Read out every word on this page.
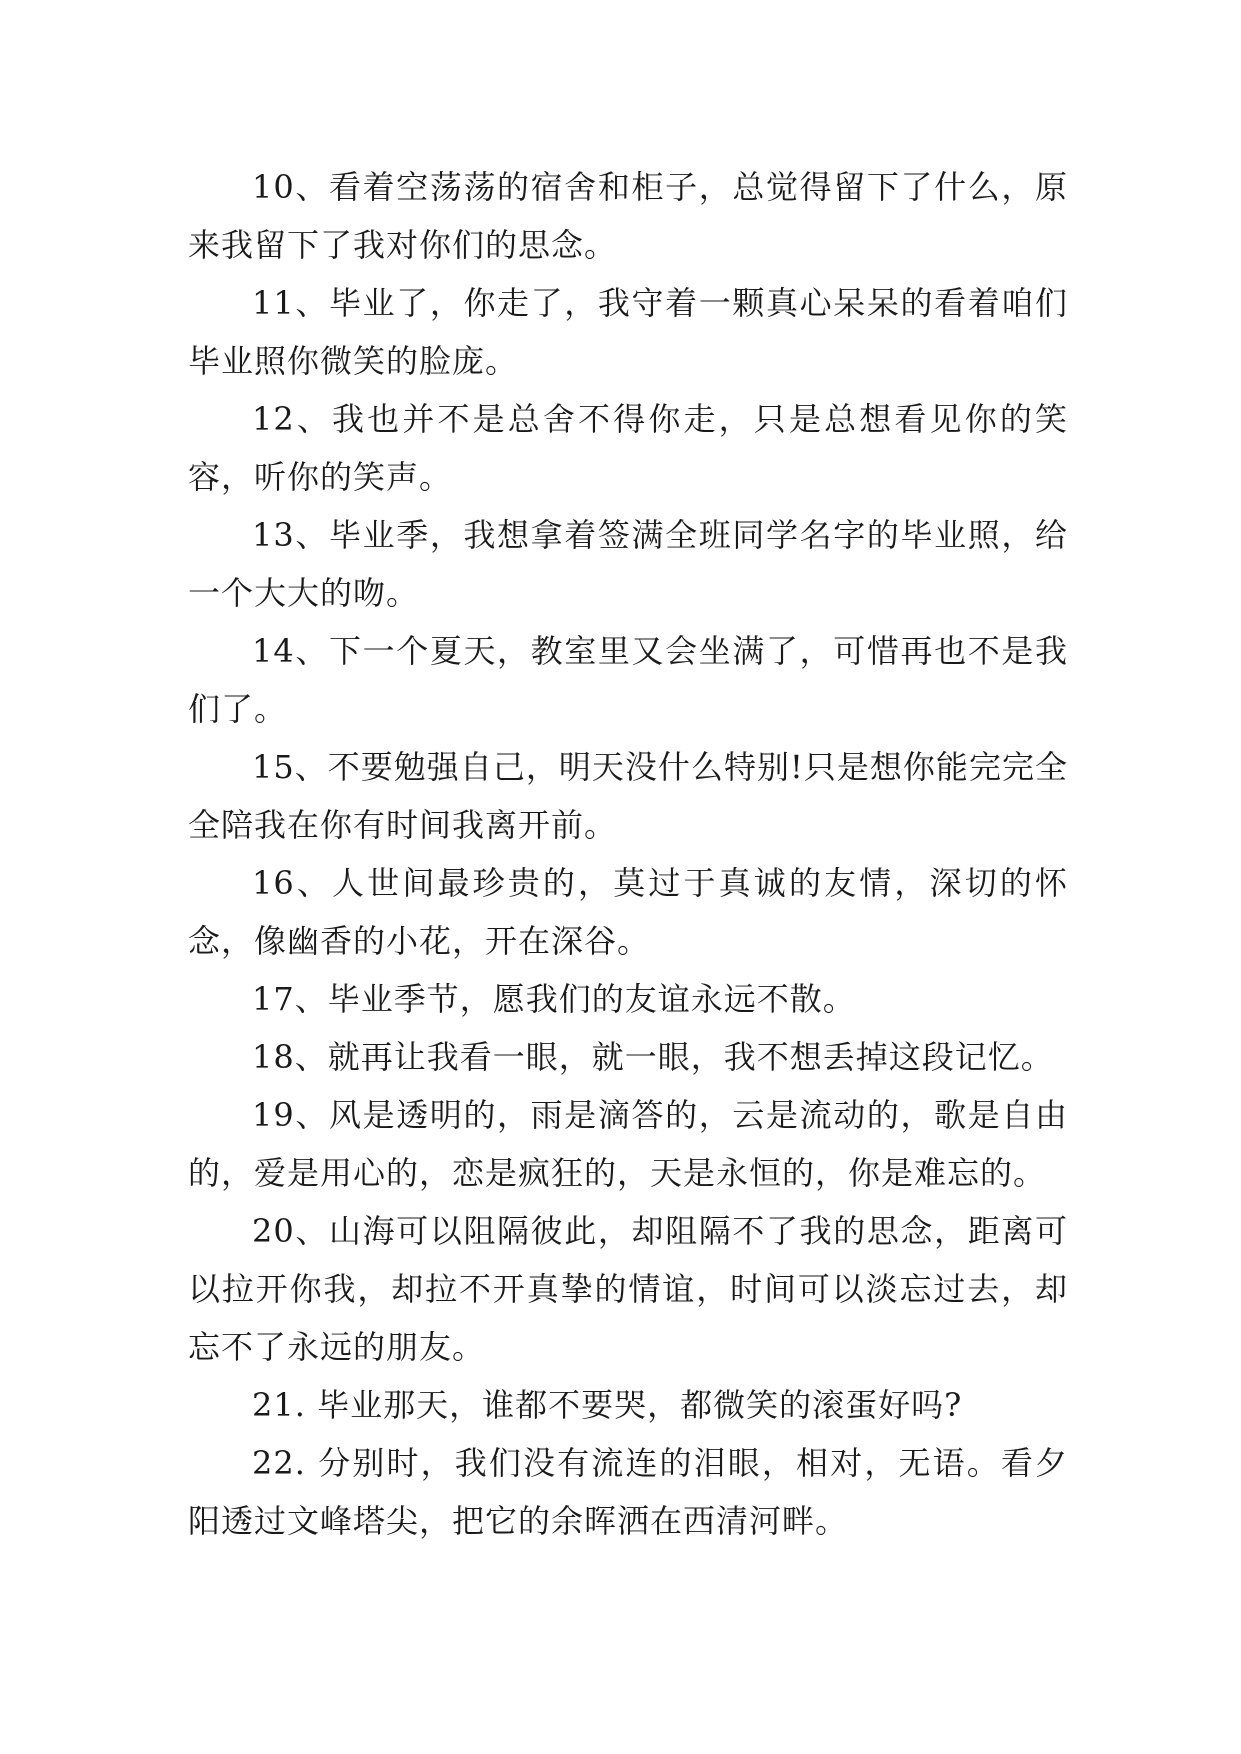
10、看着空荡荡的宿舍和柜子，总觉得留下了什么，原来我留下了我对你们的思念。

11、毕业了，你走了，我守着一颗真心呆呆的看着咱们毕业照你微笑的脸庞。

12、我也并不是总舍不得你走，只是总想看见你的笑容，听你的笑声。

13、毕业季，我想拿着签满全班同学名字的毕业照，给一个大大的吻。

14、下一个夏天，教室里又会坐满了，可惜再也不是我们了。

15、不要勉强自己，明天没什么特别!只是想你能完完全全陪我在你有时间我离开前。

16、人世间最珍贵的，莫过于真诚的友情，深切的怀念，像幽香的小花，开在深谷。

17、毕业季节，愿我们的友谊永远不散。

18、就再让我看一眼，就一眼，我不想丢掉这段记忆。

19、风是透明的，雨是滴答的，云是流动的，歌是自由的，爱是用心的，恋是疯狂的，天是永恒的，你是难忘的。

20、山海可以阻隔彼此，却阻隔不了我的思念，距离可以拉开你我，却拉不开真挚的情谊，时间可以淡忘过去，却忘不了永远的朋友。

21. 毕业那天，谁都不要哭，都微笑的滚蛋好吗?

22. 分别时，我们没有流连的泪眼，相对，无语。看夕阳透过文峰塔尖，把它的余晖洒在西清河畔。
